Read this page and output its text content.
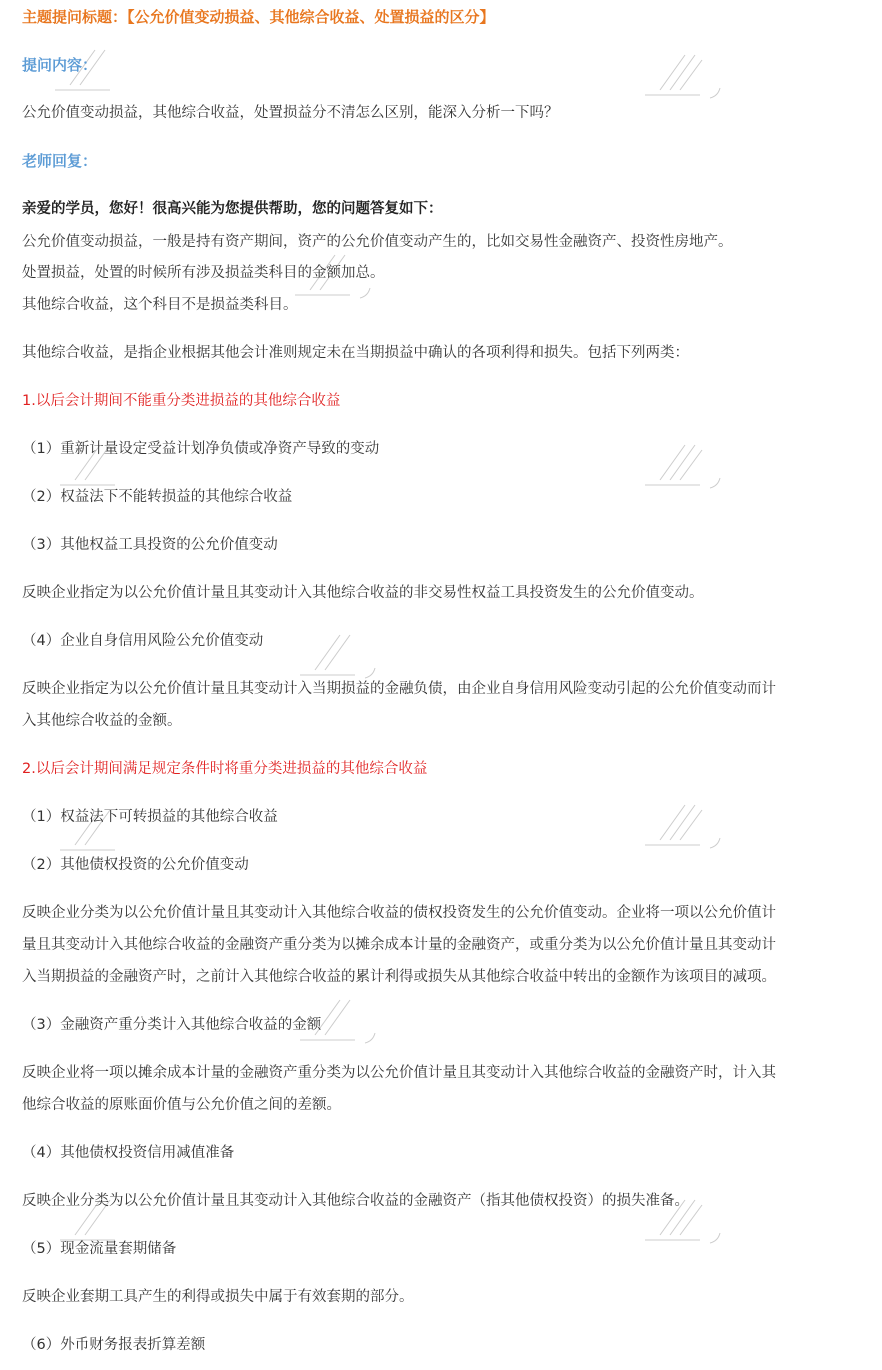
主题提问标题：【公允价值变动损益、其他综合收益、处置损益的区分】
提问内容：
公允价值变动损益，其他综合收益，处置损益分不清怎么区别，能深入分析一下吗？
老师回复：
亲爱的学员，您好！很高兴能为您提供帮助，您的问题答复如下：
公允价值变动损益，一般是持有资产期间，资产的公允价值变动产生的，比如交易性金融资产、投资性房地产。
处置损益，处置的时候所有涉及损益类科目的金额加总。
其他综合收益，这个科目不是损益类科目。
其他综合收益，是指企业根据其他会计准则规定未在当期损益中确认的各项利得和损失。包括下列两类：
1.以后会计期间不能重分类进损益的其他综合收益
（1）重新计量设定受益计划净负债或净资产导致的变动
（2）权益法下不能转损益的其他综合收益
（3）其他权益工具投资的公允价值变动
反映企业指定为以公允价值计量且其变动计入其他综合收益的非交易性权益工具投资发生的公允价值变动。
（4）企业自身信用风险公允价值变动
反映企业指定为以公允价值计量且其变动计入当期损益的金融负债，由企业自身信用风险变动引起的公允价值变动而计
入其他综合收益的金额。
2.以后会计期间满足规定条件时将重分类进损益的其他综合收益
（1）权益法下可转损益的其他综合收益
（2）其他债权投资的公允价值变动
反映企业分类为以公允价值计量且其变动计入其他综合收益的债权投资发生的公允价值变动。企业将一项以公允价值计
量且其变动计入其他综合收益的金融资产重分类为以摊余成本计量的金融资产，或重分类为以公允价值计量且其变动计
入当期损益的金融资产时，之前计入其他综合收益的累计利得或损失从其他综合收益中转出的金额作为该项目的减项。
（3）金融资产重分类计入其他综合收益的金额
反映企业将一项以摊余成本计量的金融资产重分类为以公允价值计量且其变动计入其他综合收益的金融资产时，计入其
他综合收益的原账面价值与公允价值之间的差额。
（4）其他债权投资信用减值准备
反映企业分类为以公允价值计量且其变动计入其他综合收益的金融资产（指其他债权投资）的损失准备。
（5）现金流量套期储备
反映企业套期工具产生的利得或损失中属于有效套期的部分。
（6）外币财务报表折算差额
